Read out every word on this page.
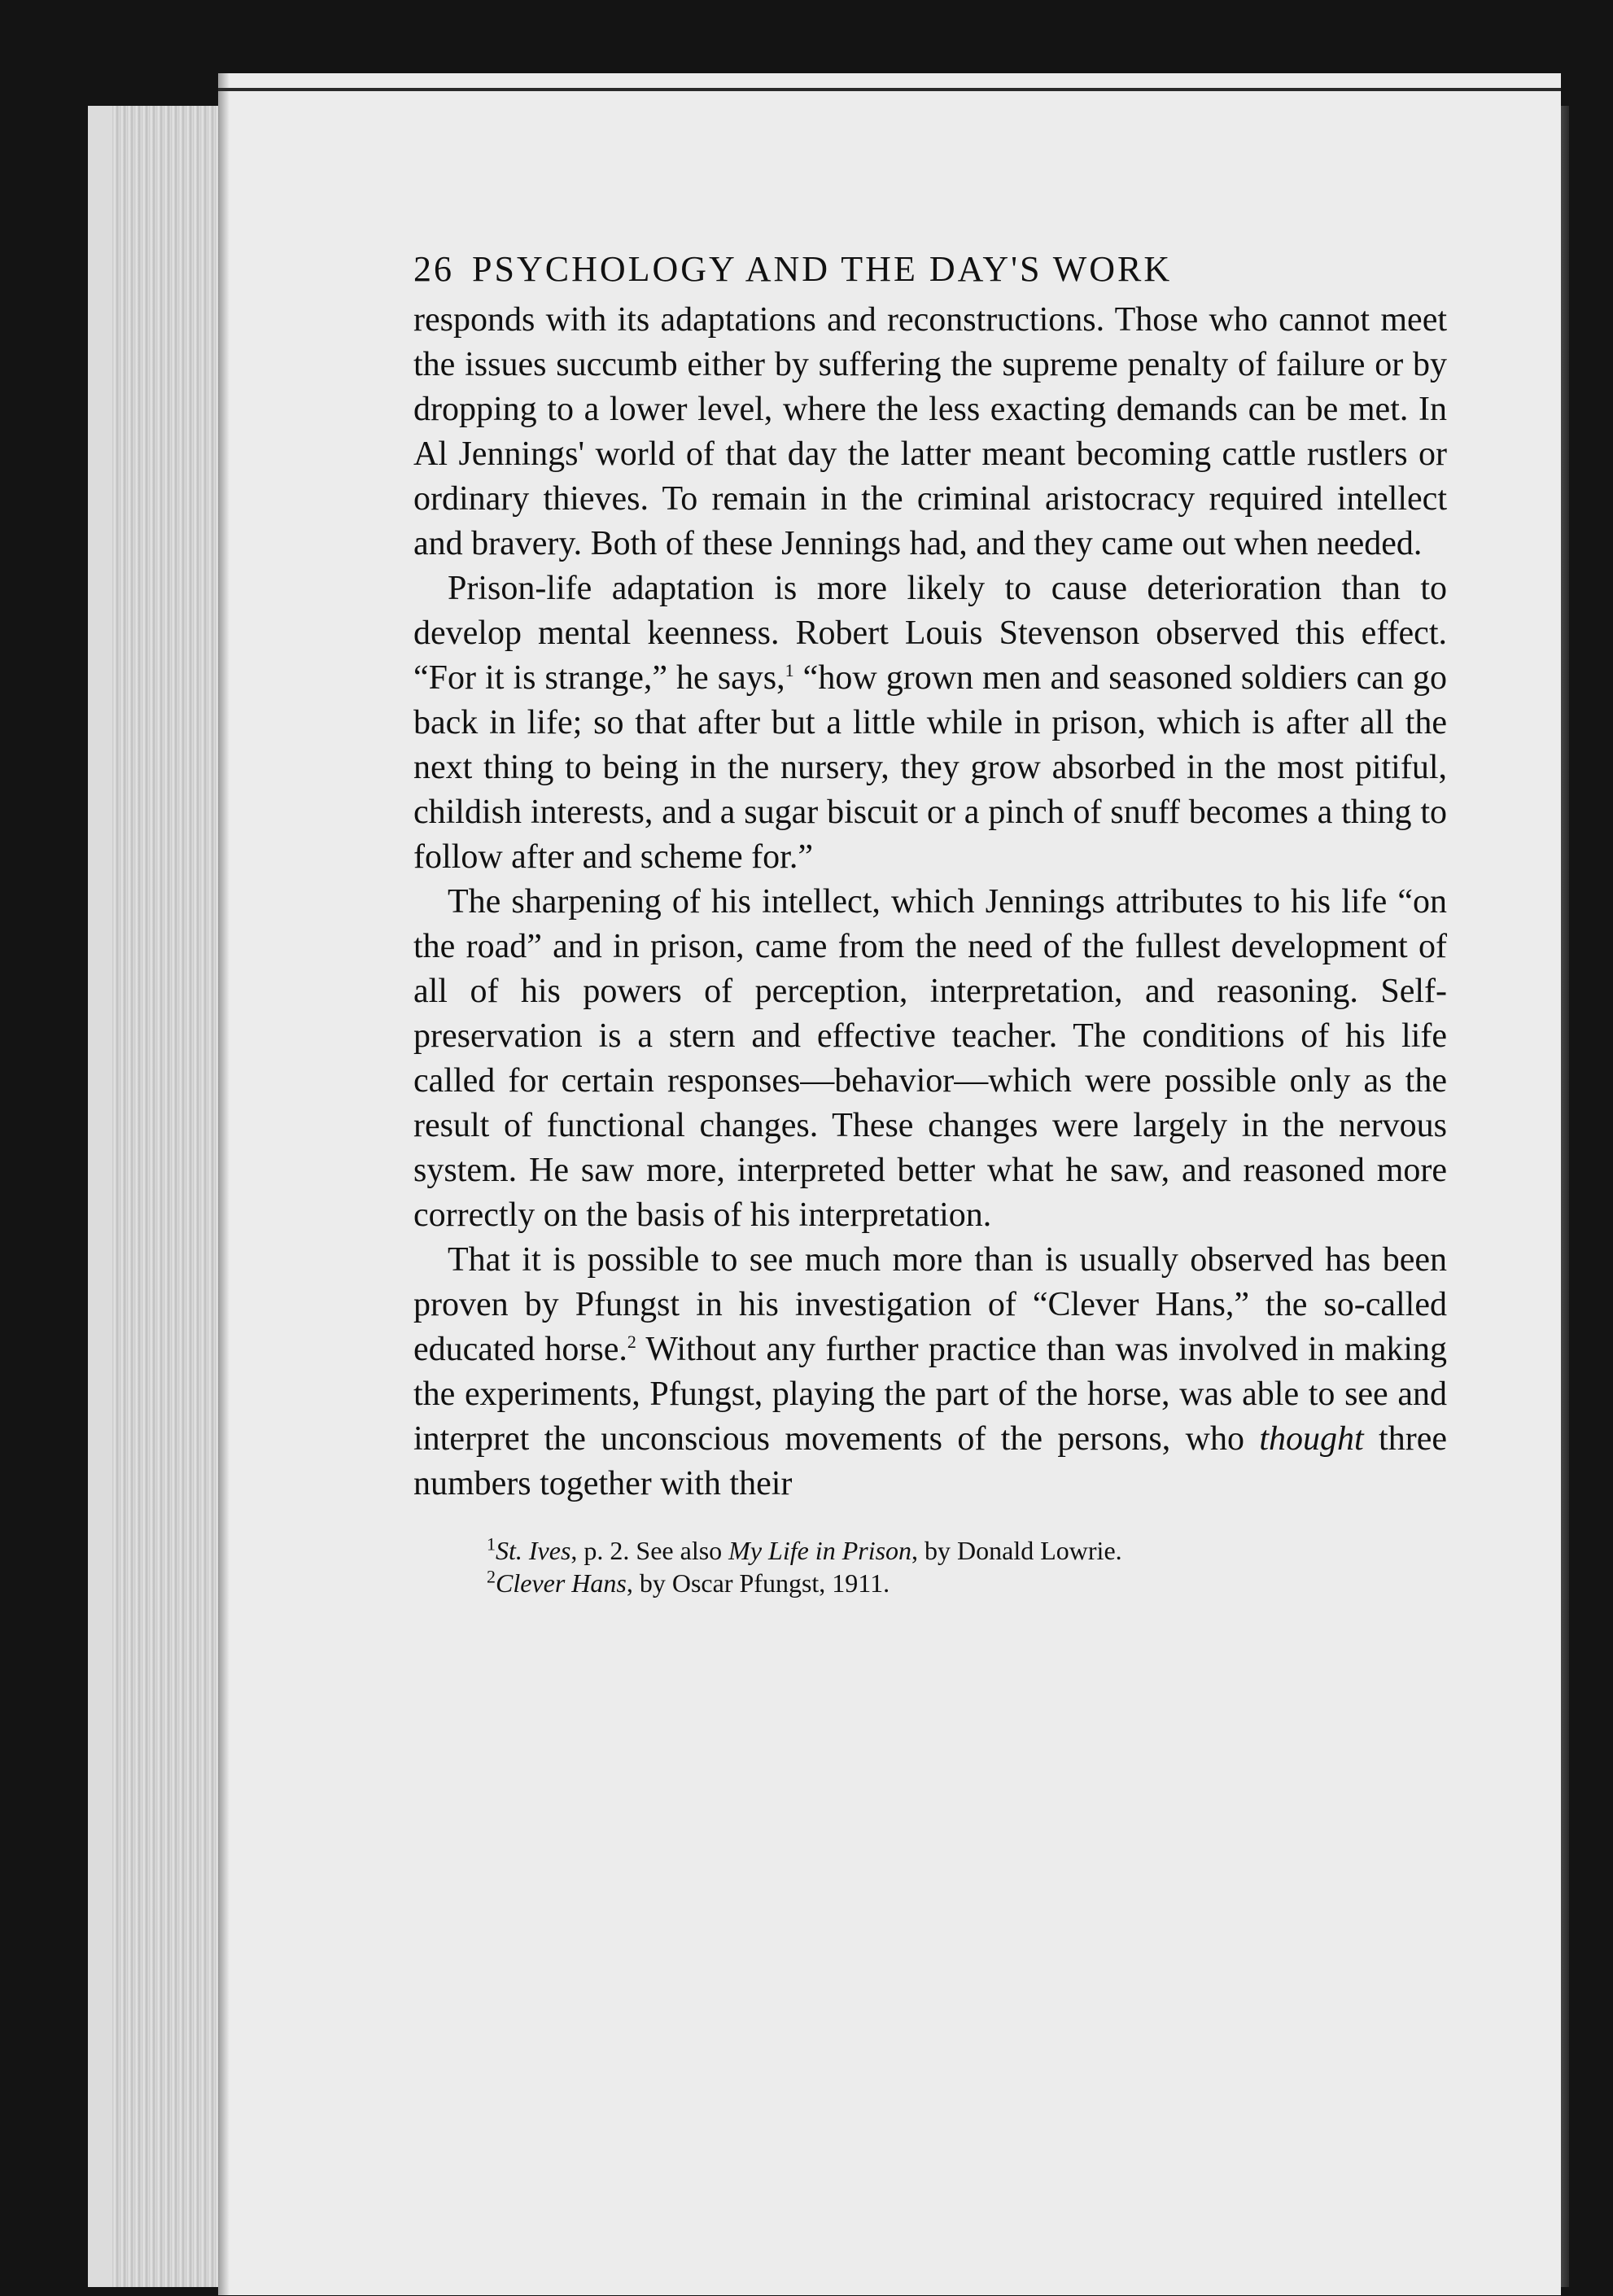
26 PSYCHOLOGY AND THE DAY'S WORK

responds with its adaptations and reconstructions. Those who cannot meet the issues succumb either by suffering the supreme penalty of failure or by dropping to a lower level, where the less exacting demands can be met. In Al Jennings' world of that day the latter meant becoming cattle rustlers or ordinary thieves. To remain in the criminal aristocracy required intellect and bravery. Both of these Jennings had, and they came out when needed.

Prison-life adaptation is more likely to cause deterioration than to develop mental keenness. Robert Louis Stevenson observed this effect. “For it is strange,” he says,$^1$ “how grown men and seasoned soldiers can go back in life; so that after but a little while in prison, which is after all the next thing to being in the nursery, they grow absorbed in the most pitiful, childish interests, and a sugar biscuit or a pinch of snuff becomes a thing to follow after and scheme for.”

The sharpening of his intellect, which Jennings attributes to his life “on the road” and in prison, came from the need of the fullest development of all of his powers of perception, interpretation, and reasoning. Self-preservation is a stern and effective teacher. The conditions of his life called for certain responses—behavior—which were possible only as the result of functional changes. These changes were largely in the nervous system. He saw more, interpreted better what he saw, and reasoned more correctly on the basis of his interpretation.

That it is possible to see much more than is usually observed has been proven by Pfungst in his investigation of “Clever Hans,” the so-called educated horse.$^2$ Without any further practice than was involved in making the experiments, Pfungst, playing the part of the horse, was able to see and interpret the unconscious movements of the persons, who thought three numbers together with their

$^1$St. Ives, p. 2. See also My Life in Prison, by Donald Lowrie.
$^2$Clever Hans, by Oscar Pfungst, 1911.
